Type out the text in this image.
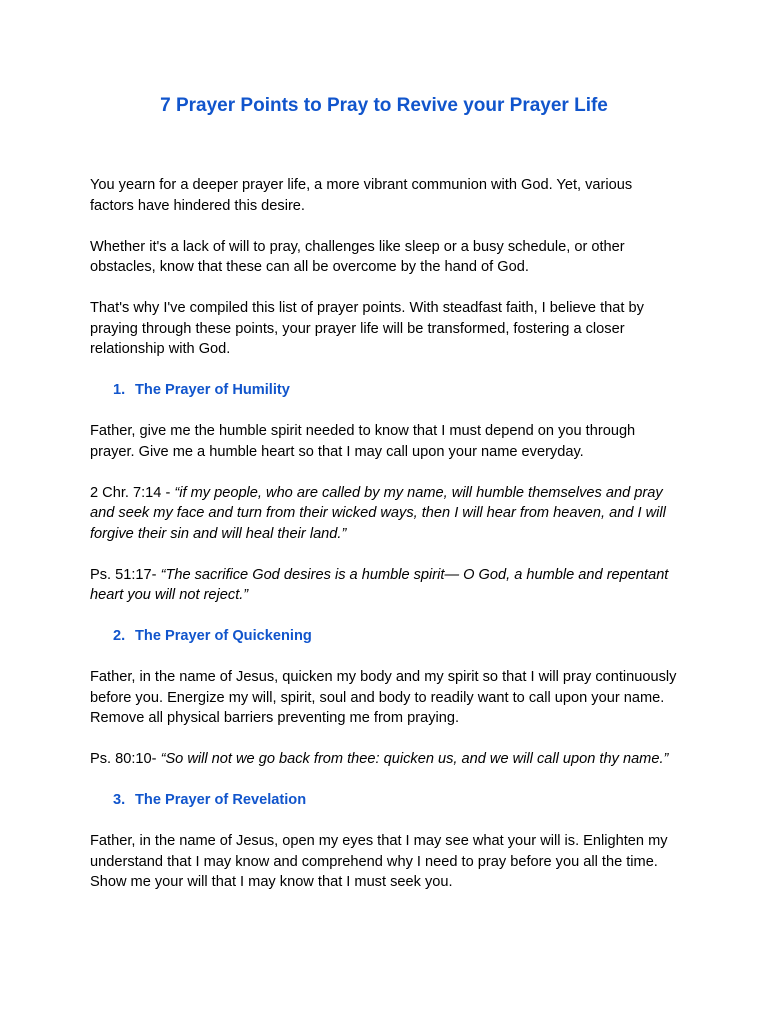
7 Prayer Points to Pray to Revive your Prayer Life

You yearn for a deeper prayer life, a more vibrant communion with God. Yet, various factors have hindered this desire.

Whether it's a lack of will to pray, challenges like sleep or a busy schedule, or other obstacles, know that these can all be overcome by the hand of God.

That's why I've compiled this list of prayer points. With steadfast faith, I believe that by praying through these points, your prayer life will be transformed, fostering a closer relationship with God.

1. The Prayer of Humility

Father, give me the humble spirit needed to know that I must depend on you through prayer. Give me a humble heart so that I may call upon your name everyday.

2 Chr. 7:14 - “if my people, who are called by my name, will humble themselves and pray and seek my face and turn from their wicked ways, then I will hear from heaven, and I will forgive their sin and will heal their land.”

Ps. 51:17- “The sacrifice God desires is a humble spirit— O God, a humble and repentant heart you will not reject.”

2. The Prayer of Quickening

Father, in the name of Jesus, quicken my body and my spirit so that I will pray continuously before you. Energize my will, spirit, soul and body to readily want to call upon your name. Remove all physical barriers preventing me from praying.

Ps. 80:10- “So will not we go back from thee: quicken us, and we will call upon thy name.”

3. The Prayer of Revelation

Father, in the name of Jesus, open my eyes that I may see what your will is. Enlighten my understand that I may know and comprehend why I need to pray before you all the time. Show me your will that I may know that I must seek you.
